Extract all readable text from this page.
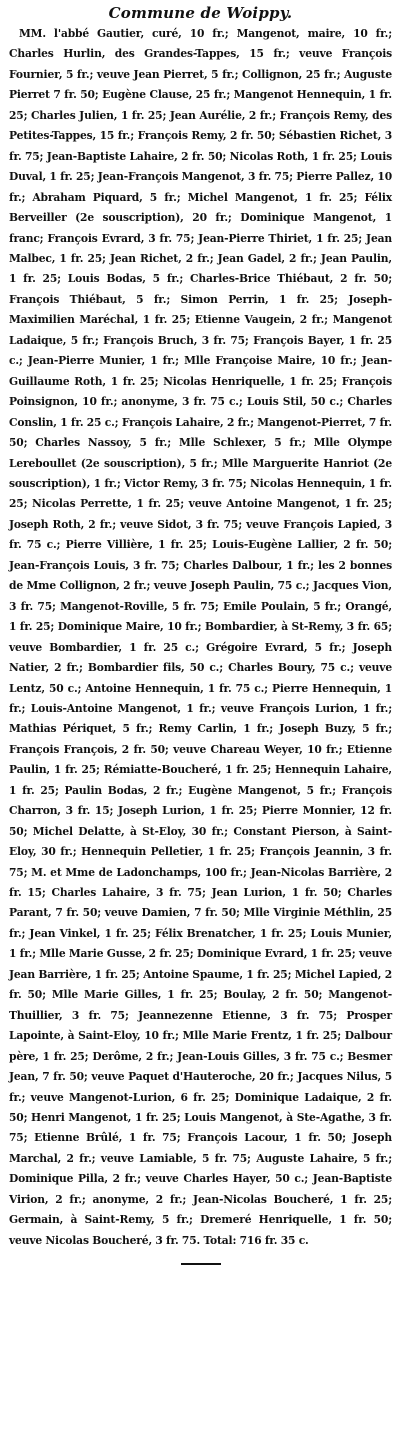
Commune de Woippy.

MM. l'abbé Gautier, curé, 10 fr.; Mangenot, maire, 10 fr.; Charles Hurlin, des Grandes-Tappes, 15 fr.; veuve François Fournier, 5 fr.; veuve Jean Pierret, 5 fr.; Collignon, 25 fr.; Auguste Pierret 7 fr. 50; Eugène Clause, 25 fr.; Mangenot Hennequin, 1 fr. 25; Charles Julien, 1 fr. 25; Jean Aurélie, 2 fr.; François Remy, des Petites-Tappes, 15 fr.; François Remy, 2 fr. 50; Sébastien Richet, 3 fr. 75; Jean-Baptiste Lahaire, 2 fr. 50; Nicolas Roth, 1 fr. 25; Louis Duval, 1 fr. 25; Jean-François Mangenot, 3 fr. 75; Pierre Pallez, 10 fr.; Abraham Piquard, 5 fr.; Michel Mangenot, 1 fr. 25; Félix Berveiller (2e souscription), 20 fr.; Dominique Mangenot, 1 franc; François Evrard, 3 fr. 75; Jean-Pierre Thiriet, 1 fr. 25; Jean Malbec, 1 fr. 25; Jean Richet, 2 fr.; Jean Gadel, 2 fr.; Jean Paulin, 1 fr. 25; Louis Bodas, 5 fr.; Charles-Brice Thiébaut, 2 fr. 50; François Thiébaut, 5 fr.; Simon Perrin, 1 fr. 25; Joseph-Maximilien Maréchal, 1 fr. 25; Etienne Vaugein, 2 fr.; Mangenot Ladaique, 5 fr.; François Bruch, 3 fr. 75; François Bayer, 1 fr. 25 c.; Jean-Pierre Munier, 1 fr.; Mlle Françoise Maire, 10 fr.; Jean-Guillaume Roth, 1 fr. 25; Nicolas Henriquelle, 1 fr. 25; François Poinsignon, 10 fr.; anonyme, 3 fr. 75 c.; Louis Stil, 50 c.; Charles Conslin, 1 fr. 25 c.; François Lahaire, 2 fr.; Mangenot-Pierret, 7 fr. 50; Charles Nassoy, 5 fr.; Mlle Schlexer, 5 fr.; Mlle Olympe Lereboullet (2e souscription), 5 fr.; Mlle Marguerite Hanriot (2e souscription), 1 fr.; Victor Remy, 3 fr. 75; Nicolas Hennequin, 1 fr. 25; Nicolas Perrette, 1 fr. 25; veuve Antoine Mangenot, 1 fr. 25; Joseph Roth, 2 fr.; veuve Sidot, 3 fr. 75; veuve François Lapied, 3 fr. 75 c.; Pierre Villière, 1 fr. 25; Louis-Eugène Lallier, 2 fr. 50; Jean-François Louis, 3 fr. 75; Charles Dalbour, 1 fr.; les 2 bonnes de Mme Collignon, 2 fr.; veuve Joseph Paulin, 75 c.; Jacques Vion, 3 fr. 75; Mangenot-Roville, 5 fr. 75; Emile Poulain, 5 fr.; Orangé, 1 fr. 25; Dominique Maire, 10 fr.; Bombardier, à St-Remy, 3 fr. 65; veuve Bombardier, 1 fr. 25 c.; Grégoire Evrard, 5 fr.; Joseph Natier, 2 fr.; Bombardier fils, 50 c.; Charles Boury, 75 c.; veuve Lentz, 50 c.; Antoine Hennequin, 1 fr. 75 c.; Pierre Hennequin, 1 fr.; Louis-Antoine Mangenot, 1 fr.; veuve François Lurion, 1 fr.; Mathias Périquet, 5 fr.; Remy Carlin, 1 fr.; Joseph Buzy, 5 fr.; François François, 2 fr. 50; veuve Chareau Weyer, 10 fr.; Etienne Paulin, 1 fr. 25; Rémiatte-Boucheré, 1 fr. 25; Hennequin Lahaire, 1 fr. 25; Paulin Bodas, 2 fr.; Eugène Mangenot, 5 fr.; François Charron, 3 fr. 15; Joseph Lurion, 1 fr. 25; Pierre Monnier, 12 fr. 50; Michel Delatte, à St-Eloy, 30 fr.; Constant Pierson, à Saint-Eloy, 30 fr.; Hennequin Pelletier, 1 fr. 25; François Jeannin, 3 fr. 75; M. et Mme de Ladonchamps, 100 fr.; Jean-Nicolas Barrière, 2 fr. 15; Charles Lahaire, 3 fr. 75; Jean Lurion, 1 fr. 50; Charles Parant, 7 fr. 50; veuve Damien, 7 fr. 50; Mlle Virginie Méthlin, 25 fr.; Jean Vinkel, 1 fr. 25; Félix Brenatcher, 1 fr. 25; Louis Munier, 1 fr.; Mlle Marie Gusse, 2 fr. 25; Dominique Evrard, 1 fr. 25; veuve Jean Barrière, 1 fr. 25; Antoine Spaume, 1 fr. 25; Michel Lapied, 2 fr. 50; Mlle Marie Gilles, 1 fr. 25; Boulay, 2 fr. 50; Mangenot-Thuillier, 3 fr. 75; Jeannezenne Etienne, 3 fr. 75; Prosper Lapointe, à Saint-Eloy, 10 fr.; Mlle Marie Frentz, 1 fr. 25; Dalbour père, 1 fr. 25; Derôme, 2 fr.; Jean-Louis Gilles, 3 fr. 75 c.; Besmer Jean, 7 fr. 50; veuve Paquet d'Hauteroche, 20 fr.; Jacques Nilus, 5 fr.; veuve Mangenot-Lurion, 6 fr. 25; Dominique Ladaique, 2 fr. 50; Henri Mangenot, 1 fr. 25; Louis Mangenot, à Ste-Agathe, 3 fr. 75; Etienne Brûlé, 1 fr. 75; François Lacour, 1 fr. 50; Joseph Marchal, 2 fr.; veuve Lamiable, 5 fr. 75; Auguste Lahaire, 5 fr.; Dominique Pilla, 2 fr.; veuve Charles Hayer, 50 c.; Jean-Baptiste Virion, 2 fr.; anonyme, 2 fr.; Jean-Nicolas Boucheré, 1 fr. 25; Germain, à Saint-Remy, 5 fr.; Dremeré Henriquelle, 1 fr. 50; veuve Nicolas Boucheré, 3 fr. 75. Total: 716 fr. 35 c.
